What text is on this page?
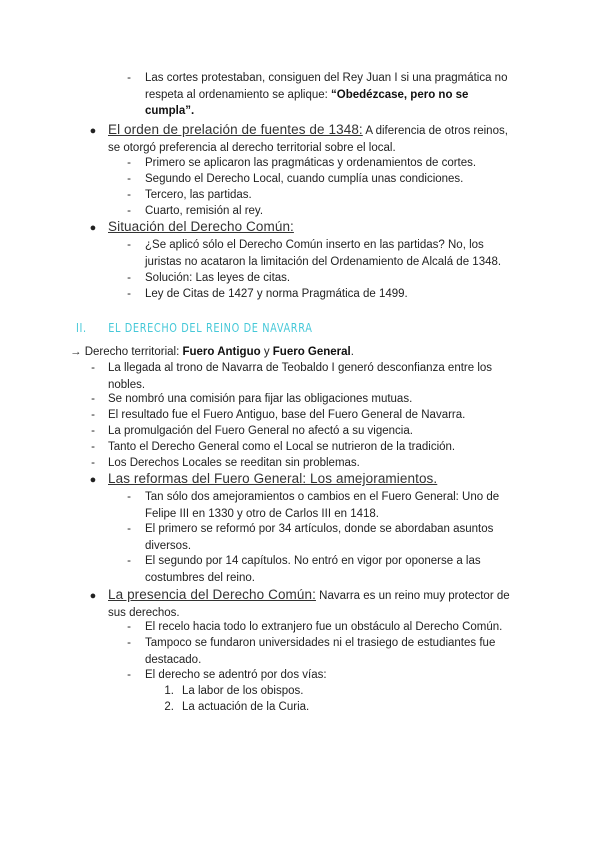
- Las cortes protestaban, consiguen del Rey Juan I si una pragmática no
respeta al ordenamiento se aplique: “Obedézcase, pero no se
cumpla”.
● El orden de prelación de fuentes de 1348: A diferencia de otros reinos,
se otorgó preferencia al derecho territorial sobre el local.
- Primero se aplicaron las pragmáticas y ordenamientos de cortes.
- Segundo el Derecho Local, cuando cumplía unas condiciones.
- Tercero, las partidas.
- Cuarto, remisión al rey.
● Situación del Derecho Común:
- ¿Se aplicó sólo el Derecho Común inserto en las partidas? No, los
juristas no acataron la limitación del Ordenamiento de Alcalá de 1348.
- Solución: Las leyes de citas.
- Ley de Citas de 1427 y norma Pragmática de 1499.
II. EL DERECHO DEL REINO DE NAVARRA
→ Derecho territorial: Fuero Antiguo y Fuero General.
- La llegada al trono de Navarra de Teobaldo I generó desconfianza entre los
nobles.
- Se nombró una comisión para fijar las obligaciones mutuas.
- El resultado fue el Fuero Antiguo, base del Fuero General de Navarra.
- La promulgación del Fuero General no afectó a su vigencia.
- Tanto el Derecho General como el Local se nutrieron de la tradición.
- Los Derechos Locales se reeditan sin problemas.
● Las reformas del Fuero General: Los amejoramientos.
- Tan sólo dos amejoramientos o cambios en el Fuero General: Uno de
Felipe III en 1330 y otro de Carlos III en 1418.
- El primero se reformó por 34 artículos, donde se abordaban asuntos
diversos.
- El segundo por 14 capítulos. No entró en vigor por oponerse a las
costumbres del reino.
● La presencia del Derecho Común: Navarra es un reino muy protector de
sus derechos.
- El recelo hacia todo lo extranjero fue un obstáculo al Derecho Común.
- Tampoco se fundaron universidades ni el trasiego de estudiantes fue
destacado.
- El derecho se adentró por dos vías:
1. La labor de los obispos.
2. La actuación de la Curia.
